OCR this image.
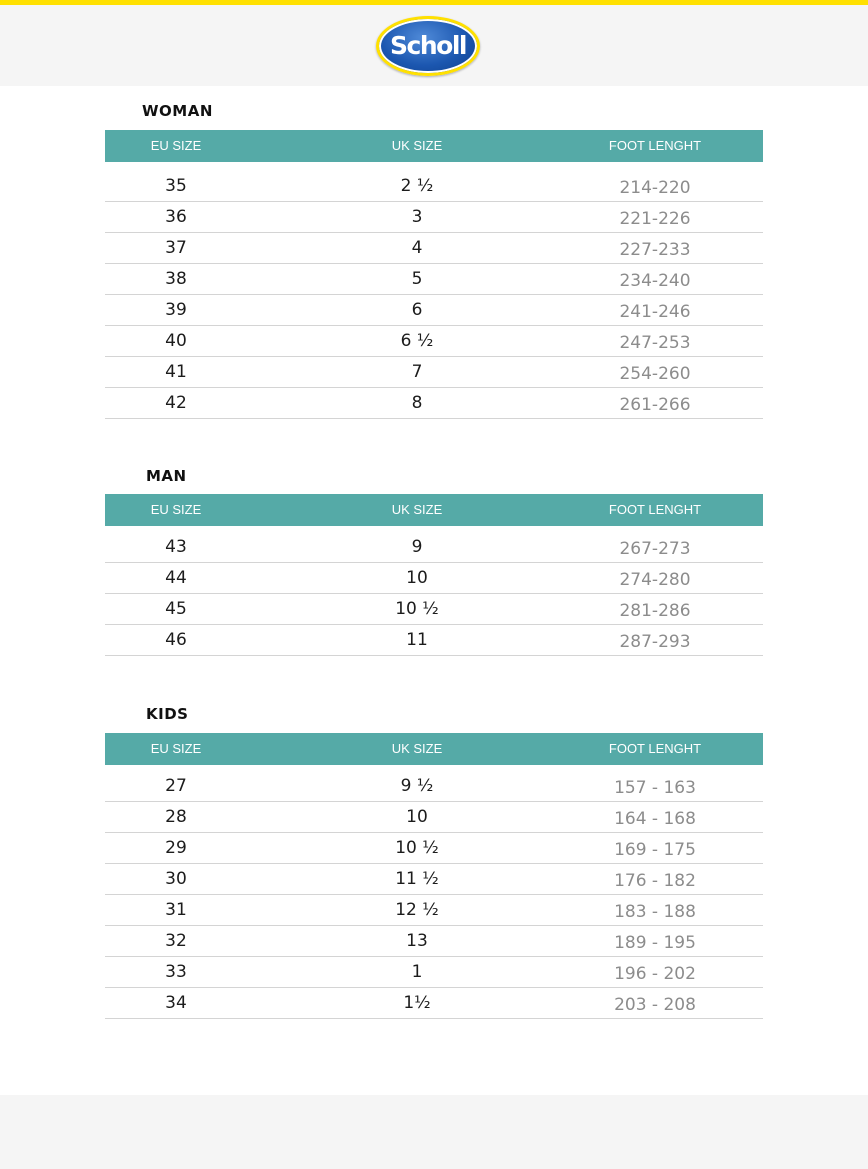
Scholl
WOMAN
EU SIZE	UK SIZE	FOOT LENGHT
35	2 ½	214-220
36	3	221-226
37	4	227-233
38	5	234-240
39	6	241-246
40	6 ½	247-253
41	7	254-260
42	8	261-266
MAN
EU SIZE	UK SIZE	FOOT LENGHT
43	9	267-273
44	10	274-280
45	10 ½	281-286
46	11	287-293
KIDS
EU SIZE	UK SIZE	FOOT LENGHT
27	9 ½	157 - 163
28	10	164 - 168
29	10 ½	169 - 175
30	11 ½	176 - 182
31	12 ½	183 - 188
32	13	189 - 195
33	1	196 - 202
34	1½	203 - 208
